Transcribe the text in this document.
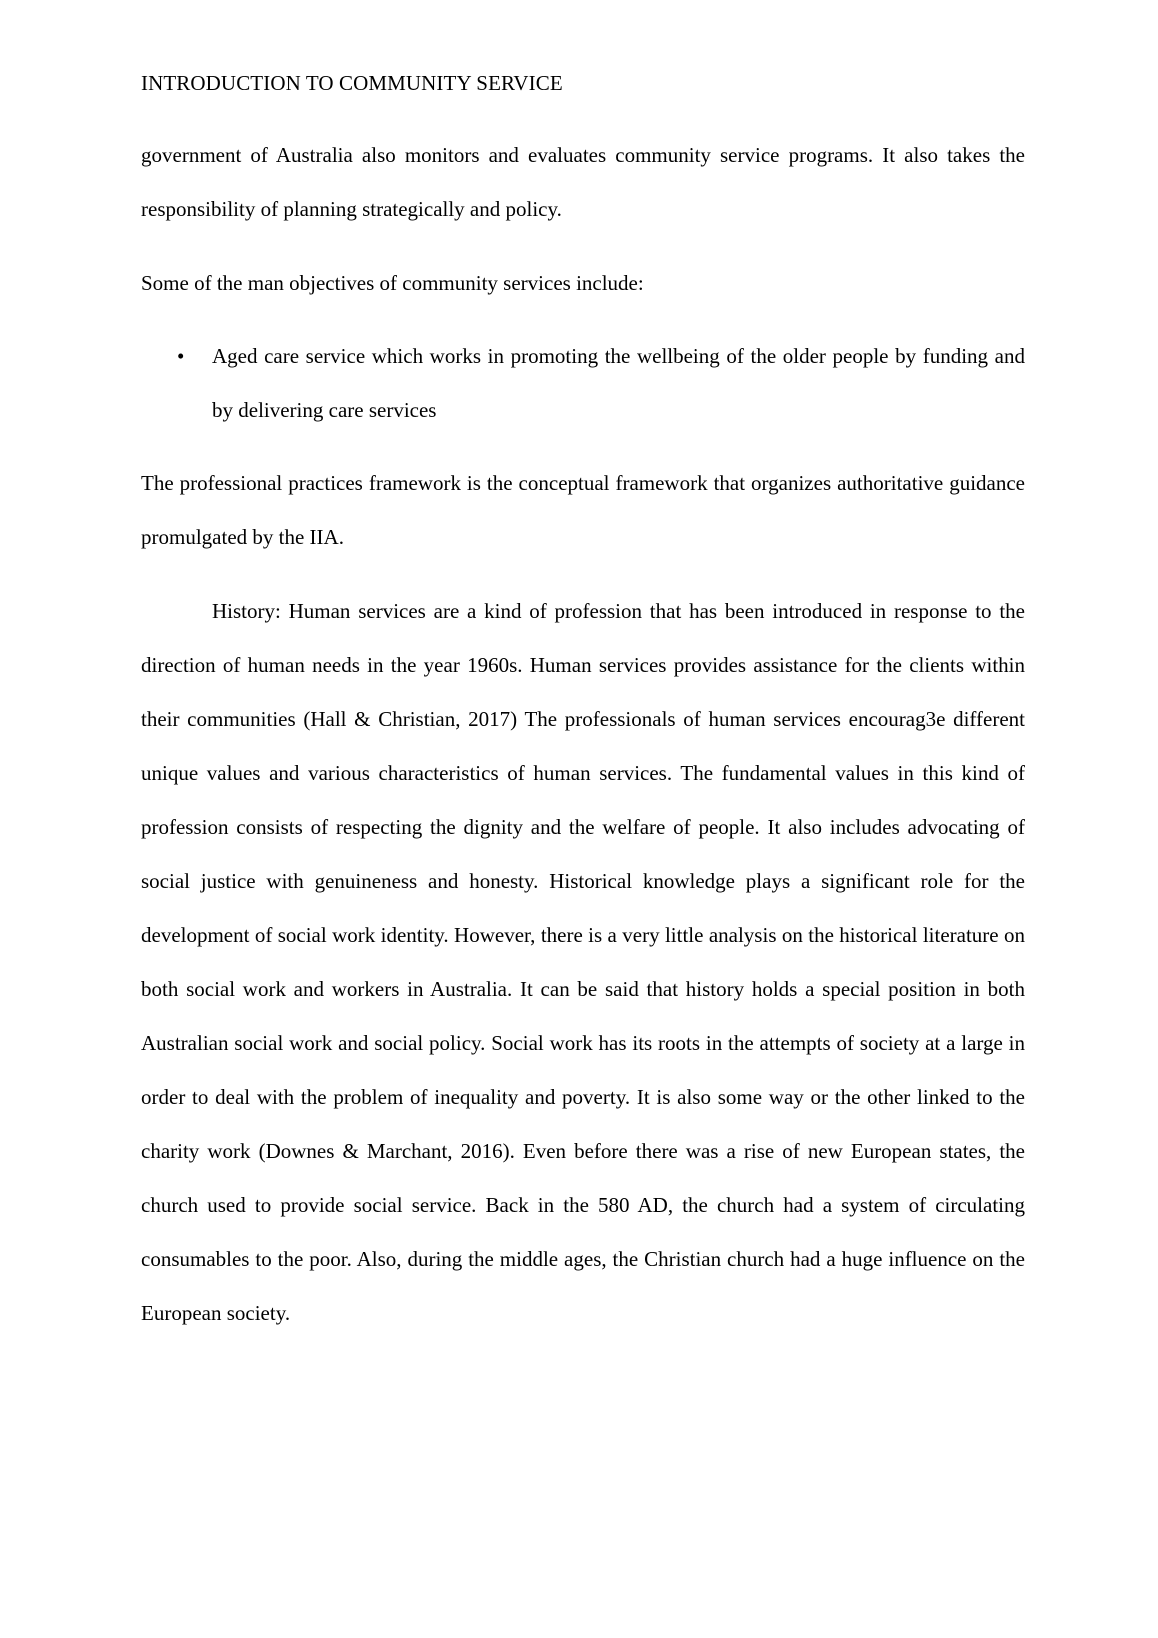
INTRODUCTION TO COMMUNITY SERVICE

government of Australia also monitors and evaluates community service programs. It also takes the responsibility of planning strategically and policy.

Some of the man objectives of community services include:

• Aged care service which works in promoting the wellbeing of the older people by funding and by delivering care services

The professional practices framework is the conceptual framework that organizes authoritative guidance promulgated by the IIA.

History: Human services are a kind of profession that has been introduced in response to the direction of human needs in the year 1960s. Human services provides assistance for the clients within their communities (Hall & Christian, 2017) The professionals of human services encourag3e different unique values and various characteristics of human services. The fundamental values in this kind of profession consists of respecting the dignity and the welfare of people. It also includes advocating of social justice with genuineness and honesty. Historical knowledge plays a significant role for the development of social work identity. However, there is a very little analysis on the historical literature on both social work and workers in Australia. It can be said that history holds a special position in both Australian social work and social policy. Social work has its roots in the attempts of society at a large in order to deal with the problem of inequality and poverty. It is also some way or the other linked to the charity work (Downes & Marchant, 2016). Even before there was a rise of new European states, the church used to provide social service. Back in the 580 AD, the church had a system of circulating consumables to the poor. Also, during the middle ages, the Christian church had a huge influence on the European society.
